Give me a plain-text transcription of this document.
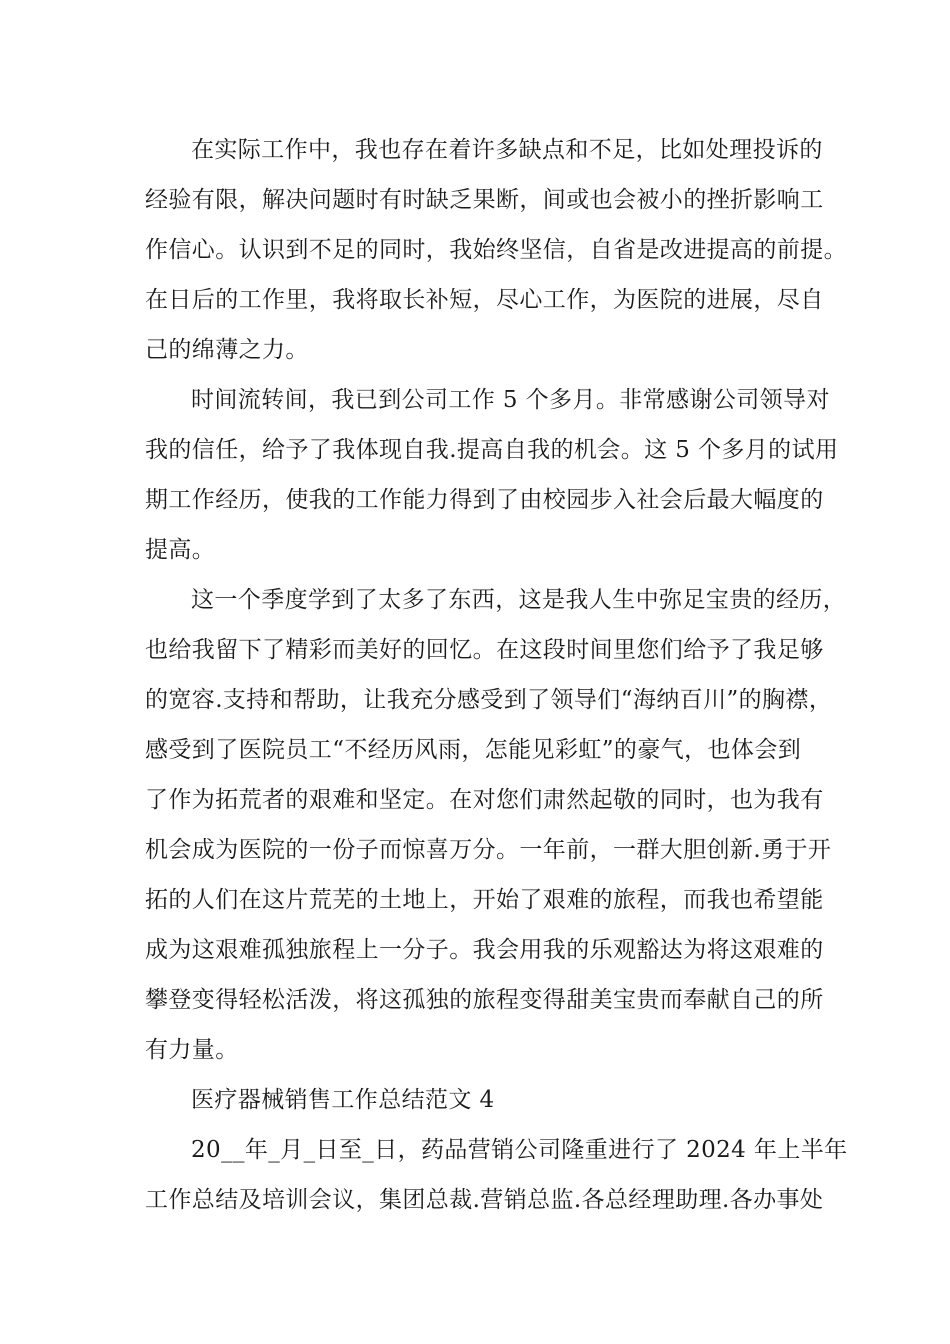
在实际工作中，我也存在着许多缺点和不足，比如处理投诉的
经验有限，解决问题时有时缺乏果断，间或也会被小的挫折影响工
作信心。认识到不足的同时，我始终坚信，自省是改进提高的前提。
在日后的工作里，我将取长补短，尽心工作，为医院的进展，尽自
己的绵薄之力。
时间流转间，我已到公司工作 5 个多月。非常感谢公司领导对
我的信任，给予了我体现自我.提高自我的机会。这 5 个多月的试用
期工作经历，使我的工作能力得到了由校园步入社会后最大幅度的
提高。
这一个季度学到了太多了东西，这是我人生中弥足宝贵的经历，
也给我留下了精彩而美好的回忆。在这段时间里您们给予了我足够
的宽容.支持和帮助，让我充分感受到了领导们“海纳百川”的胸襟，
感受到了医院员工“不经历风雨，怎能见彩虹”的豪气，也体会到
了作为拓荒者的艰难和坚定。在对您们肃然起敬的同时，也为我有
机会成为医院的一份子而惊喜万分。一年前，一群大胆创新.勇于开
拓的人们在这片荒芜的土地上，开始了艰难的旅程，而我也希望能
成为这艰难孤独旅程上一分子。我会用我的乐观豁达为将这艰难的
攀登变得轻松活泼，将这孤独的旅程变得甜美宝贵而奉献自己的所
有力量。
医疗器械销售工作总结范文 4
20__年_月_日至_日，药品营销公司隆重进行了 2024 年上半年
工作总结及培训会议，集团总裁.营销总监.各总经理助理.各办事处
